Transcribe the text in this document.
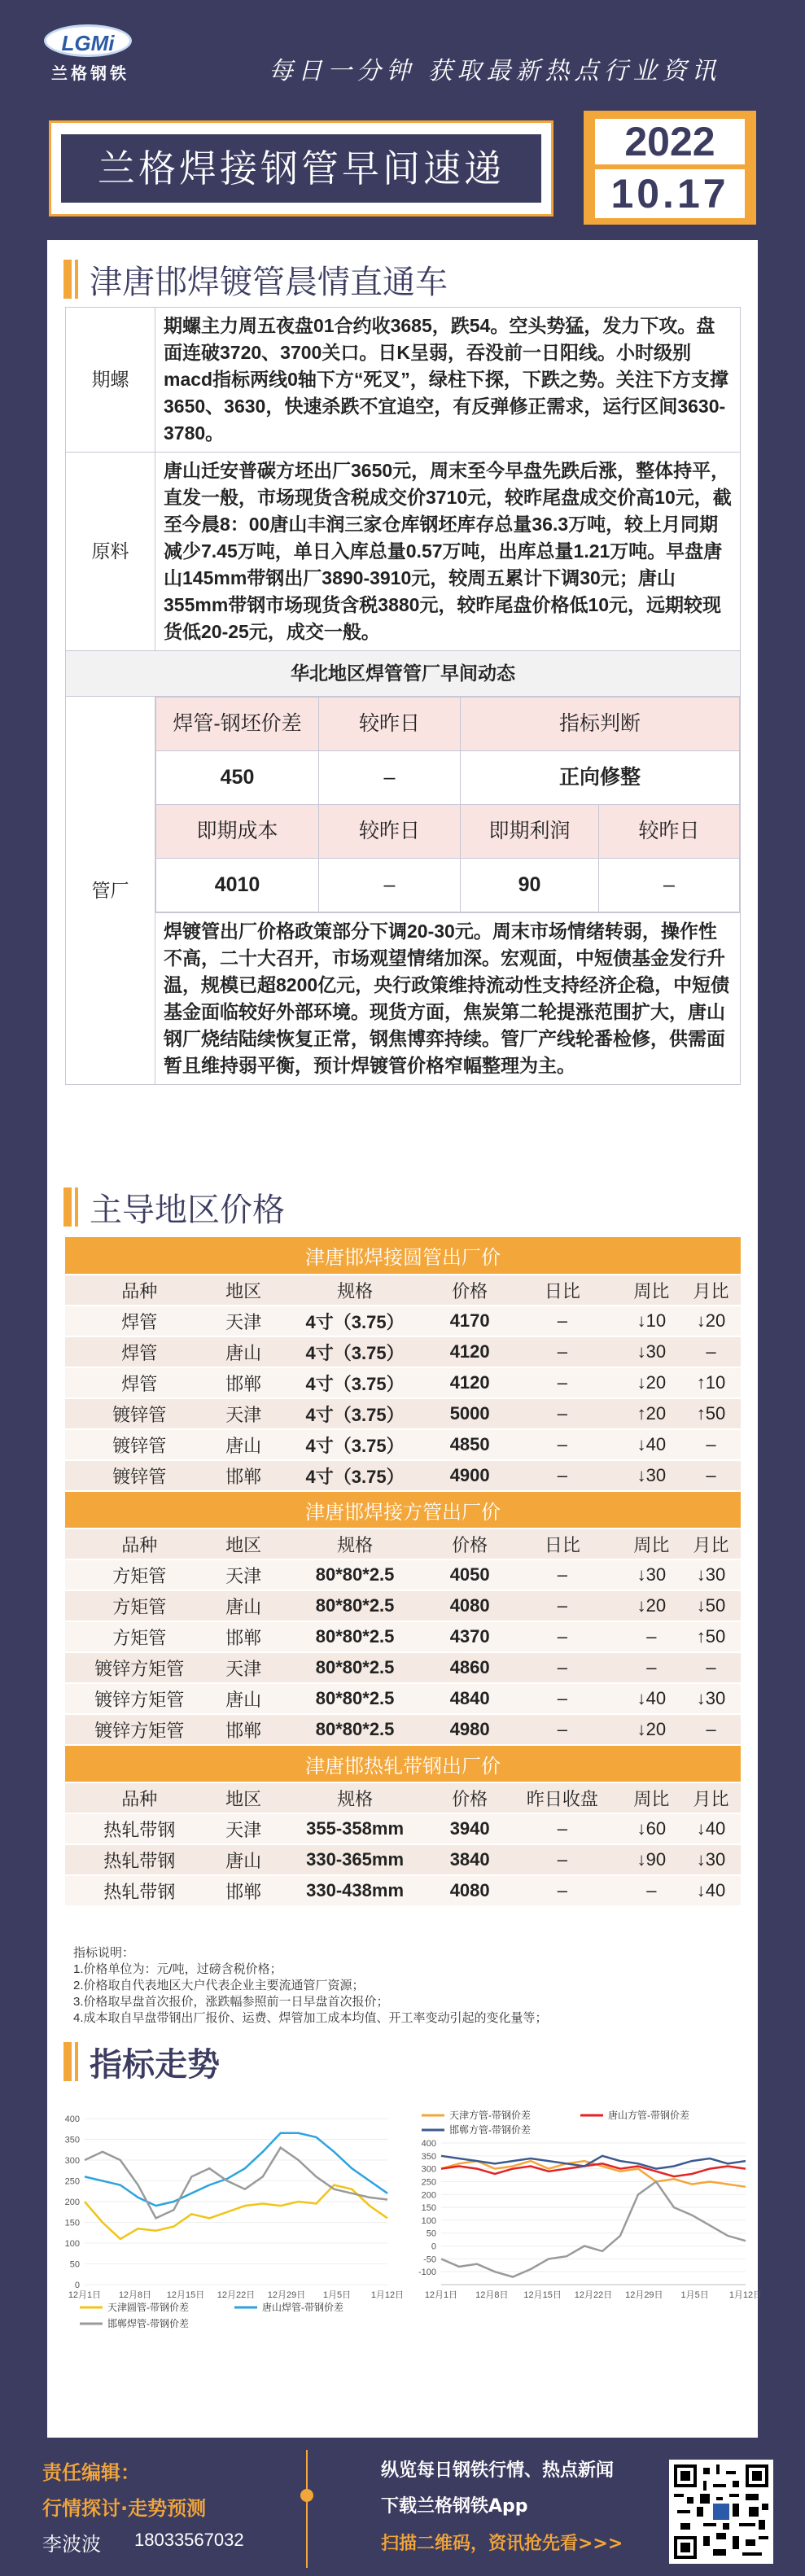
LGMi
兰格钢铁	每日一分钟 获取最新热点行业资讯
兰格焊接钢管早间速递
2022
10.17
津唐邯焊镀管晨情直通车
期螺	期螺主力周五夜盘01合约收3685，跌54。空头势猛，发力下攻。盘面连破3720、3700关口。日K呈弱，吞没前一日阳线。小时级别macd指标两线0轴下方“死叉”，绿柱下探，下跌之势。关注下方支撑3650、3630，快速杀跌不宜追空，有反弹修正需求，运行区间3630-3780。
原料	唐山迁安普碳方坯出厂3650元，周末至今早盘先跌后涨，整体持平，直发一般，市场现货含税成交价3710元，较昨尾盘成交价高10元，截至今晨8：00唐山丰润三家仓库钢坯库存总量36.3万吨，较上月同期减少7.45万吨，单日入库总量0.57万吨，出库总量1.21万吨。早盘唐山145mm带钢出厂3890-3910元，较周五累计下调30元；唐山355mm带钢市场现货含税3880元，较昨尾盘价格低10元，远期较现货低20-25元，成交一般。
华北地区焊管管厂早间动态
管厂	
焊管-钢坯价差	较昨日	指标判断
450	–	正向修整
即期成本	较昨日	即期利润	较昨日
4010	–	90	–

焊镀管出厂价格政策部分下调20-30元。周末市场情绪转弱，操作性不高，二十大召开，市场观望情绪加深。宏观面，中短债基金发行升温，规模已超8200亿元，央行政策维持流动性支持经济企稳，中短债基金面临较好外部环境。现货方面，焦炭第二轮提涨范围扩大，唐山钢厂烧结陆续恢复正常，钢焦博弈持续。管厂产线轮番检修，供需面暂且维持弱平衡，预计焊镀管价格窄幅整理为主。
主导地区价格
津唐邯焊接圆管出厂价						
品种	地区	规格	价格	日比	周比	月比
焊管	天津	4寸（3.75）	4170	–	↓10	↓20
焊管	唐山	4寸（3.75）	4120	–	↓30	–
焊管	邯郸	4寸（3.75）	4120	–	↓20	↑10
镀锌管	天津	4寸（3.75）	5000	–	↑20	↑50
镀锌管	唐山	4寸（3.75）	4850	–	↓40	–
镀锌管	邯郸	4寸（3.75）	4900	–	↓30	–
津唐邯焊接方管出厂价						
品种	地区	规格	价格	日比	周比	月比
方矩管	天津	80*80*2.5	4050	–	↓30	↓30
方矩管	唐山	80*80*2.5	4080	–	↓20	↓50
方矩管	邯郸	80*80*2.5	4370	–	–	↑50
镀锌方矩管	天津	80*80*2.5	4860	–	–	–
镀锌方矩管	唐山	80*80*2.5	4840	–	↓40	↓30
镀锌方矩管	邯郸	80*80*2.5	4980	–	↓20	–
津唐邯热轧带钢出厂价						
品种	地区	规格	价格	昨日收盘	周比	月比
热轧带钢	天津	355-358mm	3940	–	↓60	↓40
热轧带钢	唐山	330-365mm	3840	–	↓90	↓30
热轧带钢	邯郸	330-438mm	4080	–	–	↓40
指标说明：
1.价格单位为：元/吨，过磅含税价格；
2.价格取自代表地区大户代表企业主要流通管厂资源；
3.价格取早盘首次报价，涨跌幅参照前一日早盘首次报价；
4.成本取自早盘带钢出厂报价、运费、焊管加工成本均值、开工率变动引起的变化量等；
指标走势
0
50
100
150
200
250
300
350
400
12月1日 12月8日 12月15日 12月22日 12月29日 1月5日 1月12日
天津圆管-带钢价差	唐山焊管-带钢价差
邯郸焊管-带钢价差
-100
-50
0
50
100
150
200
250
300
350
400
12月1日 12月8日 12月15日 12月22日 12月29日 1月5日 1月12日
天津方管-带钢价差	唐山方管-带钢价差
邯郸方管-带钢价差
责任编辑：
行情探讨·走势预测
李波波 18033567032
纵览每日钢铁行情、热点新闻
下载兰格钢铁App
扫描二维码，资讯抢先看>>>
